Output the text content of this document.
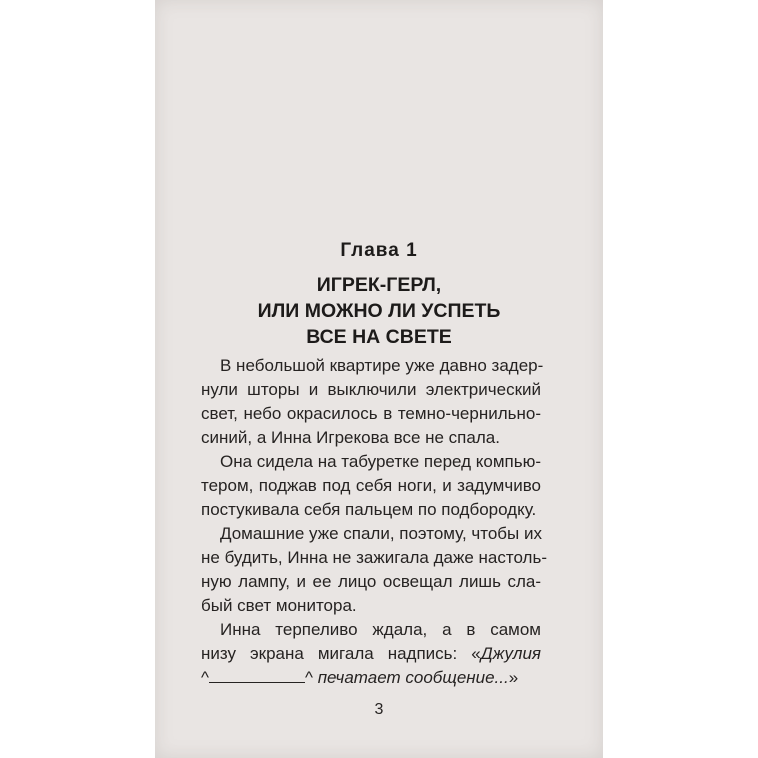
Глава 1
ИГРЕК-ГЕРЛ,
ИЛИ МОЖНО ЛИ УСПЕТЬ
ВСЕ НА СВЕТЕ
В небольшой квартире уже давно задер-
нули шторы и выключили электрический
свет, небо окрасилось в темно-чернильно-
синий, а Инна Игрекова все не спала.
Она сидела на табуретке перед компью-
тером, поджав под себя ноги, и задумчиво
постукивала себя пальцем по подбородку.
Домашние уже спали, поэтому, чтобы их
не будить, Инна не зажигала даже настоль-
ную лампу, и ее лицо освещал лишь сла-
бый свет монитора.
Инна терпеливо ждала, а в самом
низу экрана мигала надпись: «Джулия
^	^ печатает сообщение...»
3
